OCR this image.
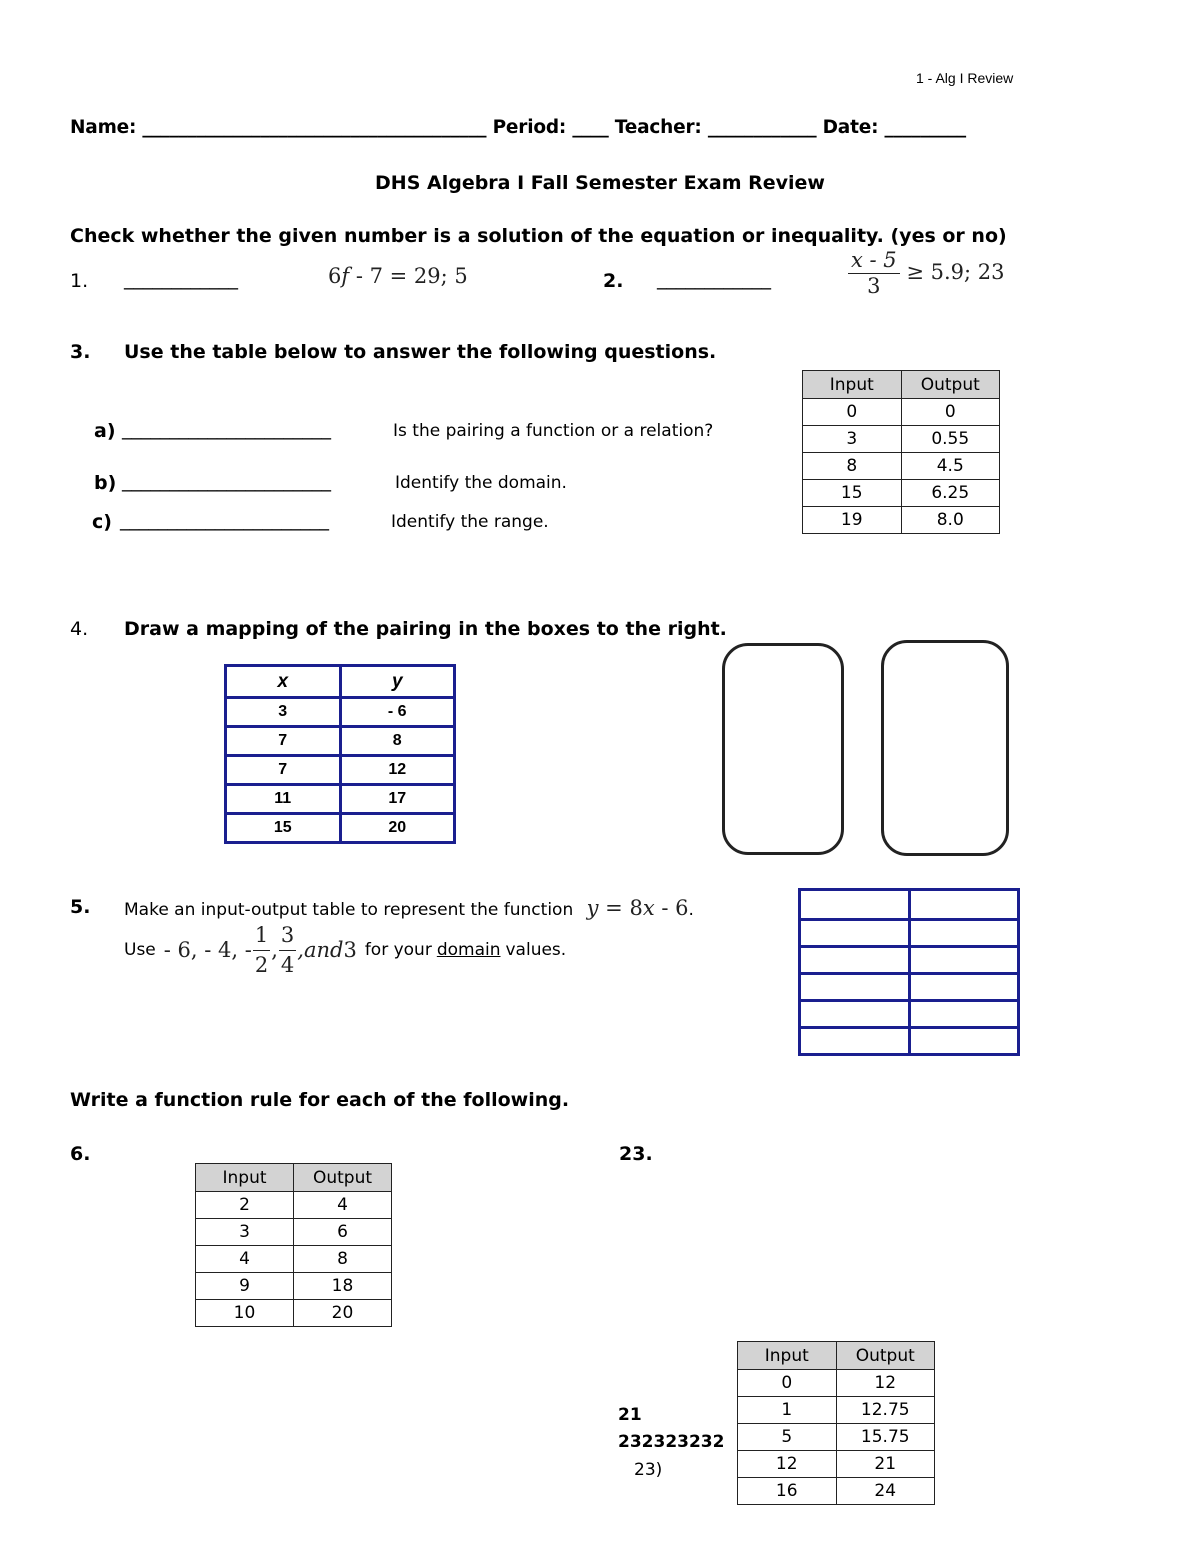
1 - Alg I Review
Name: ______________________________________ Period: ____ Teacher: ____________ Date: _________
DHS Algebra I Fall Semester Exam Review
Check whether the given number is a solution of the equation or inequality. (yes or no)
1. ____________	6f - 7 = 29; 5	2. ____________	$\frac{x - 5}{3} \ge 5.9$; 23
3. Use the table below to answer the following questions.
a) ______________________	Is the pairing a function or a relation?
b) ______________________	Identify the domain.
c) ______________________	Identify the range.
Input	Output
0	0
3	0.55
8	4.5
15	6.25
19	8.0
4. Draw a mapping of the pairing in the boxes to the right.
x	y
3	- 6
7	8
7	12
11	17
15	20
5. Make an input-output table to represent the function y = 8x - 6.
Use - 6, - 4, - $\frac{1}{2}$ , $\frac{3}{4} ,and$ 3 for your domain values.

Write a function rule for each of the following.
6.
Input	Output
2	4
3	6
4	8
9	18
10	20
23.
21
232323232
23)
Input	Output
0	12
1	12.75
5	15.75
12	21
16	24
